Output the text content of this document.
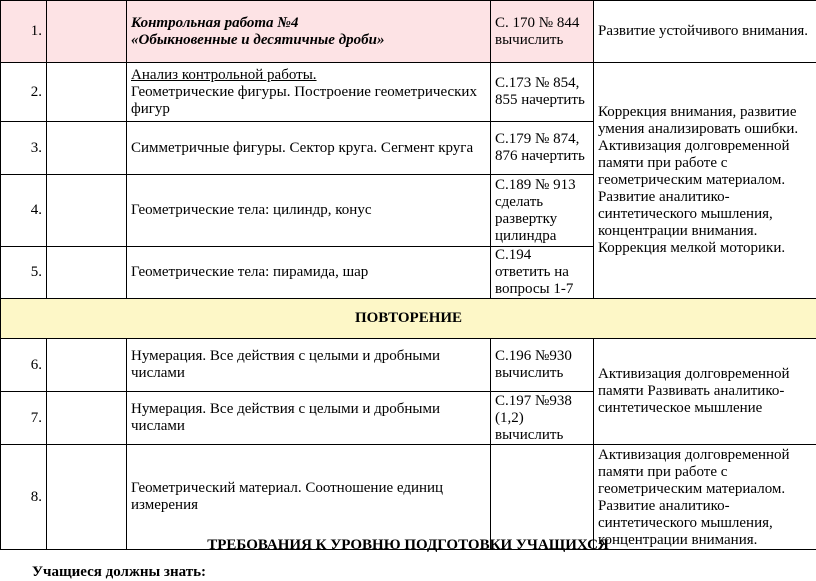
1.		Контрольная работа №4
«Обыкновенные и десятичные дроби»	С. 170 № 844 вычислить	Развитие устойчивого внимания.
2.		Анализ контрольной работы.
Геометрические фигуры. Построение геометрических фигур	С.173 № 854, 855 начертить	Коррекция внимания, развитие умения анализировать ошибки. Активизация долговременной памяти при работе с геометрическим материалом. Развитие аналитико-синтетического мышления, концентрации внимания. Коррекция мелкой моторики.
3.		Симметричные фигуры. Сектор круга. Сегмент круга	С.179 № 874, 876 начертить	
4.		Геометрические тела: цилиндр, конус	С.189 № 913 сделать развертку цилиндра	
5.		Геометрические тела: пирамида, шар	С.194 ответить на вопросы 1-7	
ПОВТОРЕНИЕ				
6.		Нумерация. Все действия с целыми и дробными числами	С.196 №930 вычислить	Активизация долговременной памяти Развивать аналитико-синтетическое мышление
7.		Нумерация. Все действия с целыми и дробными числами	С.197 №938 (1,2) вычислить	
8.		Геометрический материал. Соотношение единиц измерения		Активизация долговременной памяти при работе с геометрическим материалом. Развитие аналитико-синтетического мышления, концентрации внимания.
ТРЕБОВАНИЯ К УРОВНЮ ПОДГОТОВКИ УЧАЩИХСЯ
Учащиеся должны знать:
